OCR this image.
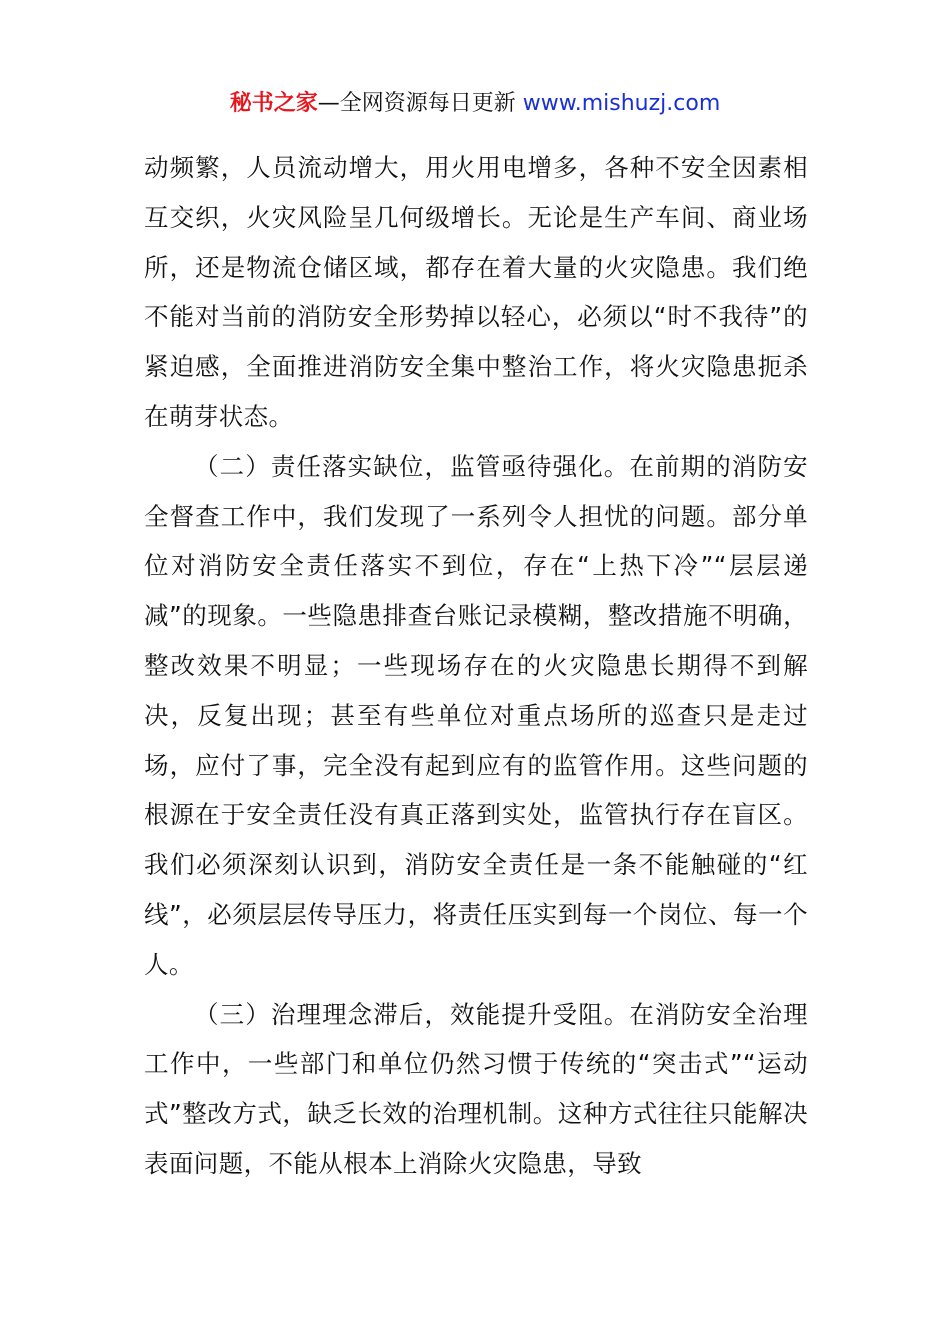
秘书之家—全网资源每日更新 www.mishuzj.com

动频繁，人员流动增大，用火用电增多，各种不安全因素相互交织，火灾风险呈几何级增长。无论是生产车间、商业场所，还是物流仓储区域，都存在着大量的火灾隐患。我们绝不能对当前的消防安全形势掉以轻心，必须以“时不我待”的紧迫感，全面推进消防安全集中整治工作，将火灾隐患扼杀在萌芽状态。

（二）责任落实缺位，监管亟待强化。在前期的消防安全督查工作中，我们发现了一系列令人担忧的问题。部分单位对消防安全责任落实不到位，存在“上热下冷”“层层递减”的现象。一些隐患排查台账记录模糊，整改措施不明确，整改效果不明显；一些现场存在的火灾隐患长期得不到解决，反复出现；甚至有些单位对重点场所的巡查只是走过场，应付了事，完全没有起到应有的监管作用。这些问题的根源在于安全责任没有真正落到实处，监管执行存在盲区。我们必须深刻认识到，消防安全责任是一条不能触碰的“红线”，必须层层传导压力，将责任压实到每一个岗位、每一个人。

（三）治理理念滞后，效能提升受阻。在消防安全治理工作中，一些部门和单位仍然习惯于传统的“突击式”“运动式”整改方式，缺乏长效的治理机制。这种方式往往只能解决表面问题，不能从根本上消除火灾隐患，导致
